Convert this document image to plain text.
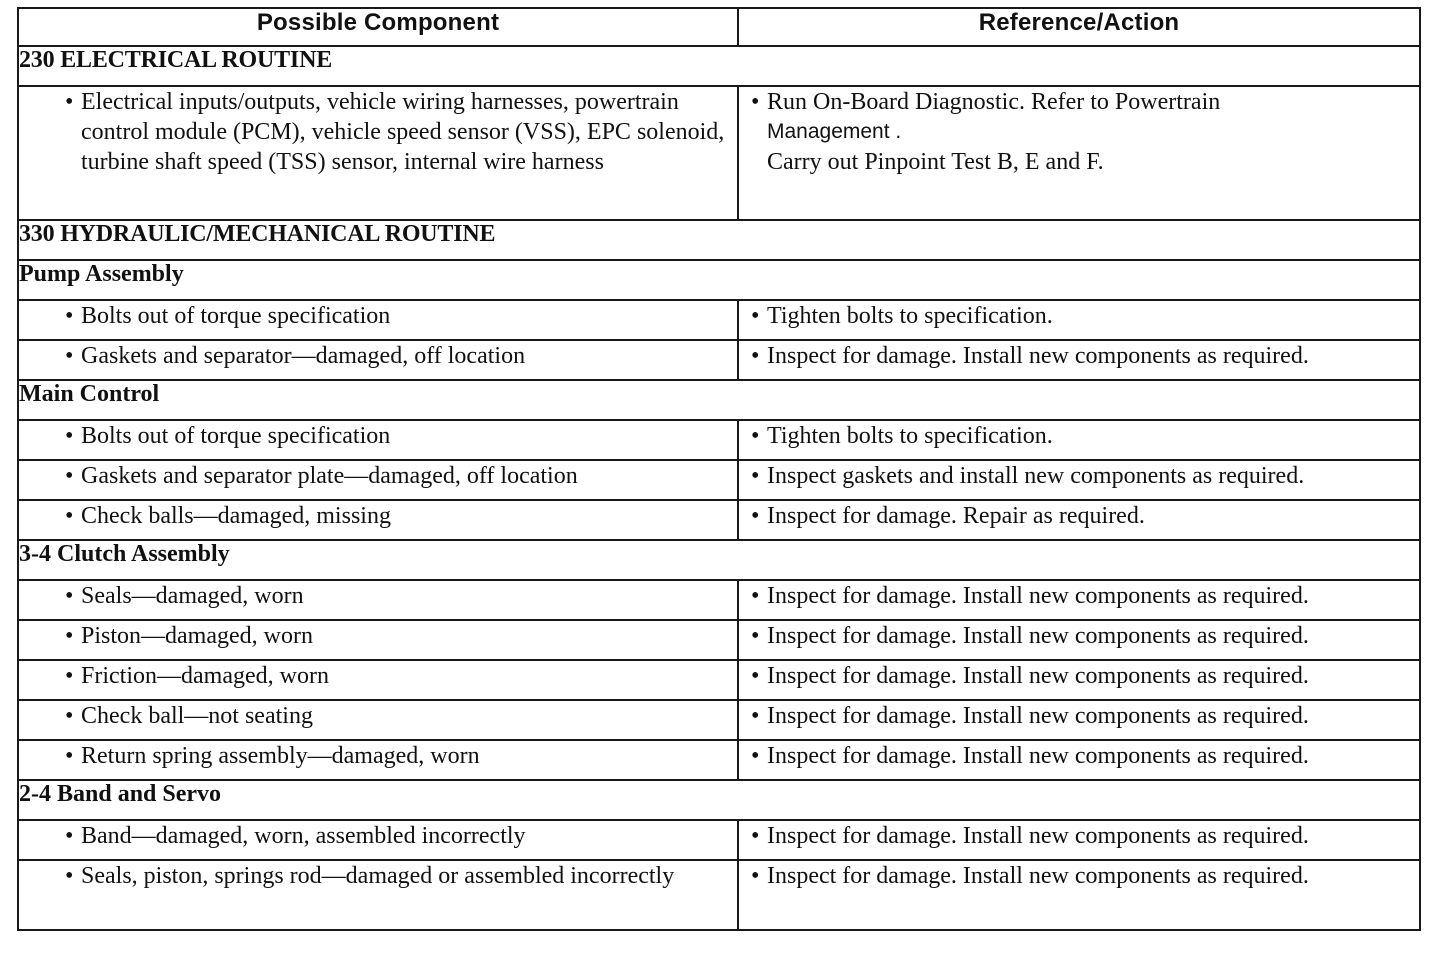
Possible Component	Reference/Action
230 ELECTRICAL ROUTINE	

• Electrical inputs/outputs, vehicle wiring harnesses, powertrain control module (PCM), vehicle speed sensor (VSS), EPC solenoid, turbine shaft speed (TSS) sensor, internal wire harness	• Run On-Board Diagnostic. Refer to Powertrain
Management .
Carry out Pinpoint Test B, E and F.

330 HYDRAULIC/MECHANICAL ROUTINE	
Pump Assembly	

• Bolts out of torque specification	• Tighten bolts to specification.

• Gaskets and separator—damaged, off location	• Inspect for damage. Install new components as required.

Main Control	

• Bolts out of torque specification	• Tighten bolts to specification.

• Gaskets and separator plate—damaged, off location	• Inspect gaskets and install new components as required.

• Check balls—damaged, missing	• Inspect for damage. Repair as required.

3-4 Clutch Assembly	

• Seals—damaged, worn	• Inspect for damage. Install new components as required.

• Piston—damaged, worn	• Inspect for damage. Install new components as required.

• Friction—damaged, worn	• Inspect for damage. Install new components as required.

• Check ball—not seating	• Inspect for damage. Install new components as required.

• Return spring assembly—damaged, worn	• Inspect for damage. Install new components as required.

2-4 Band and Servo	

• Band—damaged, worn, assembled incorrectly	• Inspect for damage. Install new components as required.

• Seals, piston, springs rod—damaged or assembled incorrectly	• Inspect for damage. Install new components as required.
